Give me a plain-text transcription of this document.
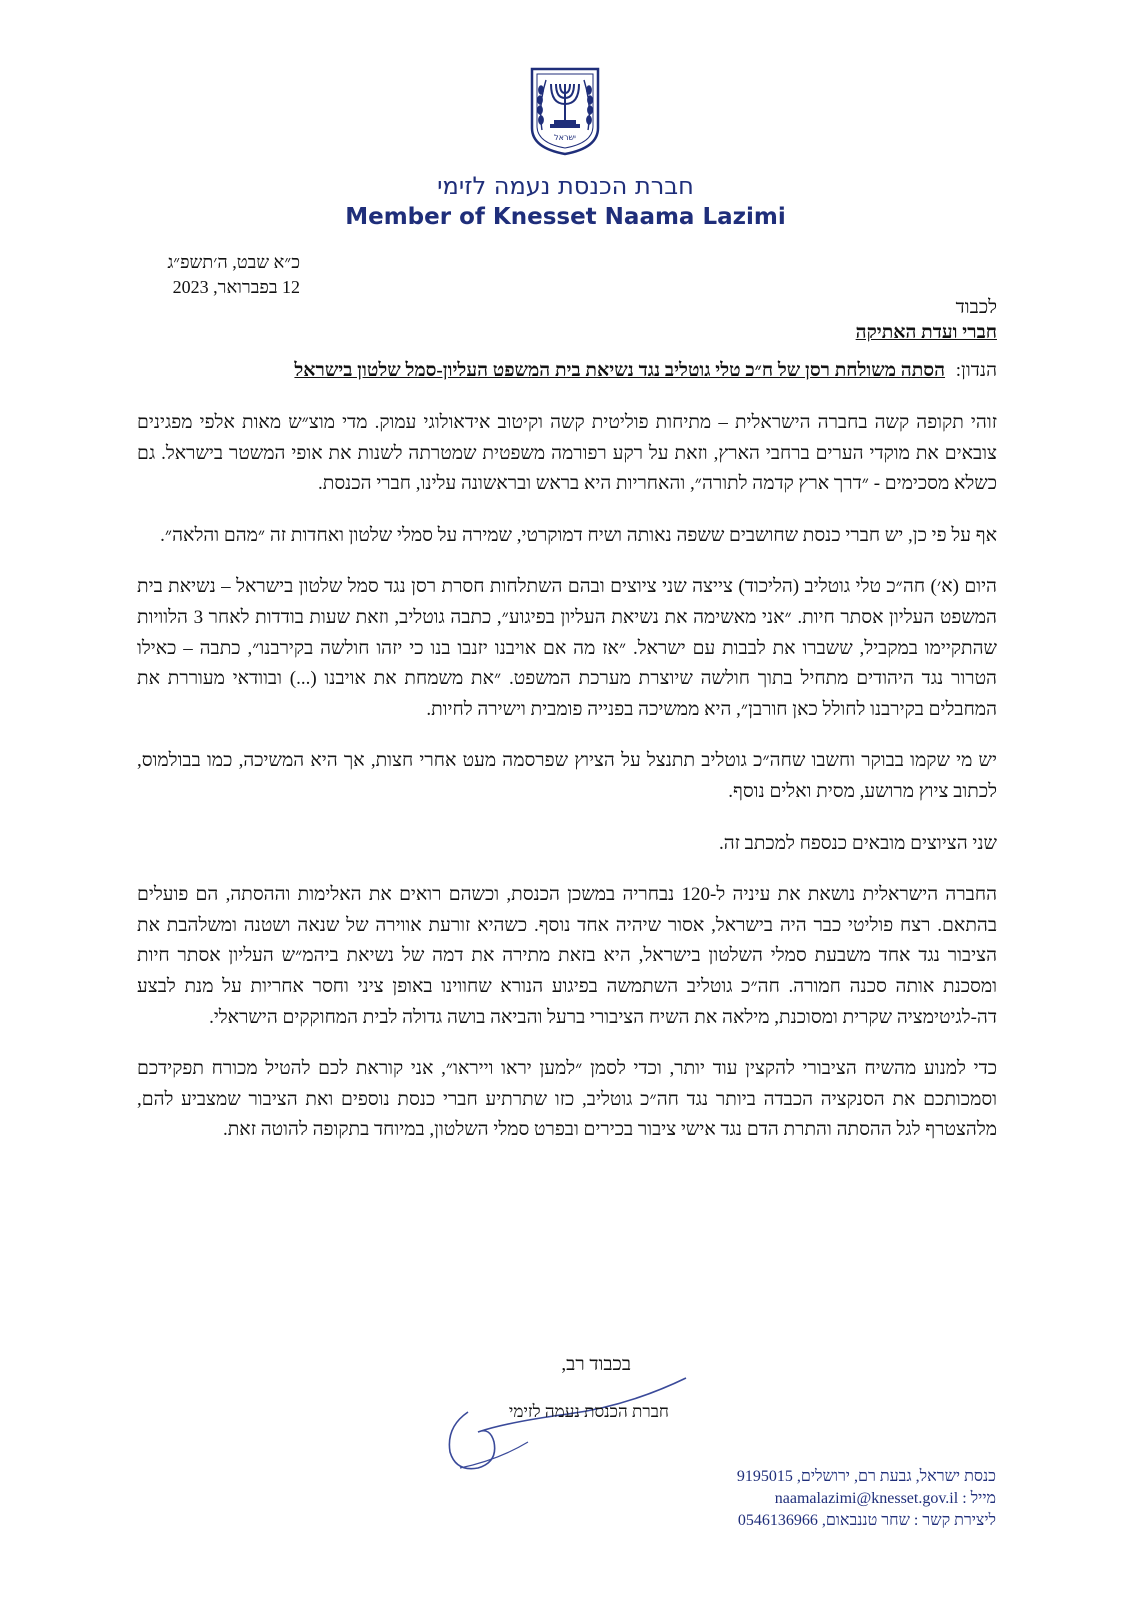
ישראל
חברת הכנסת נעמה לזימי
Member of Knesset Naama Lazimi
כ״א שבט, ה׳תשפ״ג
12 בפברואר, 2023
לכבוד
חברי ועדת האתיקה
הנדון: הסתה משולחת רסן של ח״כ טלי גוטליב נגד נשיאת בית המשפט העליון-סמל שלטון בישראל

זוהי תקופה קשה בחברה הישראלית – מתיחות פוליטית קשה וקיטוב אידאולוגי עמוק. מדי מוצ״ש מאות אלפי מפגינים צובאים את מוקדי הערים ברחבי הארץ, וזאת על רקע רפורמה משפטית שמטרתה לשנות את אופי המשטר בישראל. גם כשלא מסכימים - ״דרך ארץ קדמה לתורה״, והאחריות היא בראש ובראשונה עלינו, חברי הכנסת.

אף על פי כן, יש חברי כנסת שחושבים ששפה נאותה ושיח דמוקרטי, שמירה על סמלי שלטון ואחדות זה ״מהם והלאה״.

היום (א׳) חה״כ טלי גוטליב (הליכוד) צייצה שני ציוצים ובהם השתלחות חסרת רסן נגד סמל שלטון בישראל – נשיאת בית המשפט העליון אסתר חיות. ״אני מאשימה את נשיאת העליון בפיגוע״, כתבה גוטליב, וזאת שעות בודדות לאחר 3 הלוויות שהתקיימו במקביל, ששברו את לבבות עם ישראל. ״אז מה אם אויבנו יזנבו בנו כי יזהו חולשה בקירבנו״, כתבה – כאילו הטרור נגד היהודים מתחיל בתוך חולשה שיוצרת מערכת המשפט. ״את משמחת את אויבנו (...) ובוודאי מעוררת את המחבלים בקירבנו לחולל כאן חורבן״, היא ממשיכה בפנייה פומבית וישירה לחיות.

יש מי שקמו בבוקר וחשבו שחה״כ גוטליב תתנצל על הציוץ שפרסמה מעט אחרי חצות, אך היא המשיכה, כמו בבולמוס, לכתוב ציוץ מרושע, מסית ואלים נוסף.

שני הציוצים מובאים כנספח למכתב זה.

החברה הישראלית נושאת את עיניה ל-120 נבחריה במשכן הכנסת, וכשהם רואים את האלימות וההסתה, הם פועלים בהתאם. רצח פוליטי כבר היה בישראל, אסור שיהיה אחד נוסף. כשהיא זורעת אווירה של שנאה ושטנה ומשלהבת את הציבור נגד אחד משבעת סמלי השלטון בישראל, היא בזאת מתירה את דמה של נשיאת ביהמ״ש העליון אסתר חיות ומסכנת אותה סכנה חמורה. חה״כ גוטליב השתמשה בפיגוע הנורא שחווינו באופן ציני וחסר אחריות על מנת לבצע דה-לגיטימציה שקרית ומסוכנת, מילאה את השיח הציבורי ברעל והביאה בושה גדולה לבית המחוקקים הישראלי.

כדי למנוע מהשיח הציבורי להקצין עוד יותר, וכדי לסמן ״למען יראו וייראו״, אני קוראת לכם להטיל מכורח תפקידכם וסמכותכם את הסנקציה הכבדה ביותר נגד חה״כ גוטליב, כזו שתרתיע חברי כנסת נוספים ואת הציבור שמצביע להם, מלהצטרף לגל ההסתה והתרת הדם נגד אישי ציבור בכירים ובפרט סמלי השלטון, במיוחד בתקופה להוטה זאת.

בכבוד רב,
חברת הכנסת נעמה לזימי
כנסת ישראל, גבעת רם, ירושלים, 9195015
מייל : naamalazimi@knesset.gov.il
ליצירת קשר : שחר טננבאום, 0546136966
